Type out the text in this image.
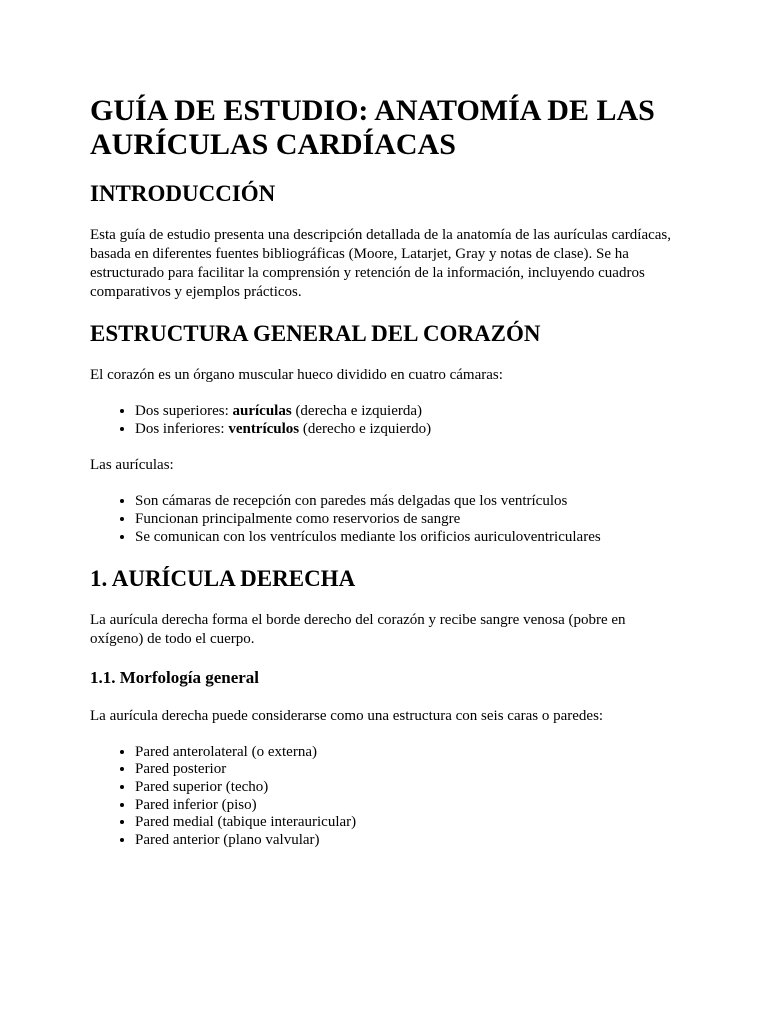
GUÍA DE ESTUDIO: ANATOMÍA DE LAS AURÍCULAS CARDÍACAS
INTRODUCCIÓN

Esta guía de estudio presenta una descripción detallada de la anatomía de las aurículas cardíacas, basada en diferentes fuentes bibliográficas (Moore, Latarjet, Gray y notas de clase). Se ha estructurado para facilitar la comprensión y retención de la información, incluyendo cuadros comparativos y ejemplos prácticos.

ESTRUCTURA GENERAL DEL CORAZÓN

El corazón es un órgano muscular hueco dividido en cuatro cámaras:

• Dos superiores: aurículas (derecha e izquierda)
• Dos inferiores: ventrículos (derecho e izquierdo)

Las aurículas:

• Son cámaras de recepción con paredes más delgadas que los ventrículos
• Funcionan principalmente como reservorios de sangre
• Se comunican con los ventrículos mediante los orificios auriculoventriculares
1. AURÍCULA DERECHA

La aurícula derecha forma el borde derecho del corazón y recibe sangre venosa (pobre en oxígeno) de todo el cuerpo.

1.1. Morfología general

La aurícula derecha puede considerarse como una estructura con seis caras o paredes:

• Pared anterolateral (o externa)
• Pared posterior
• Pared superior (techo)
• Pared inferior (piso)
• Pared medial (tabique interauricular)
• Pared anterior (plano valvular)
